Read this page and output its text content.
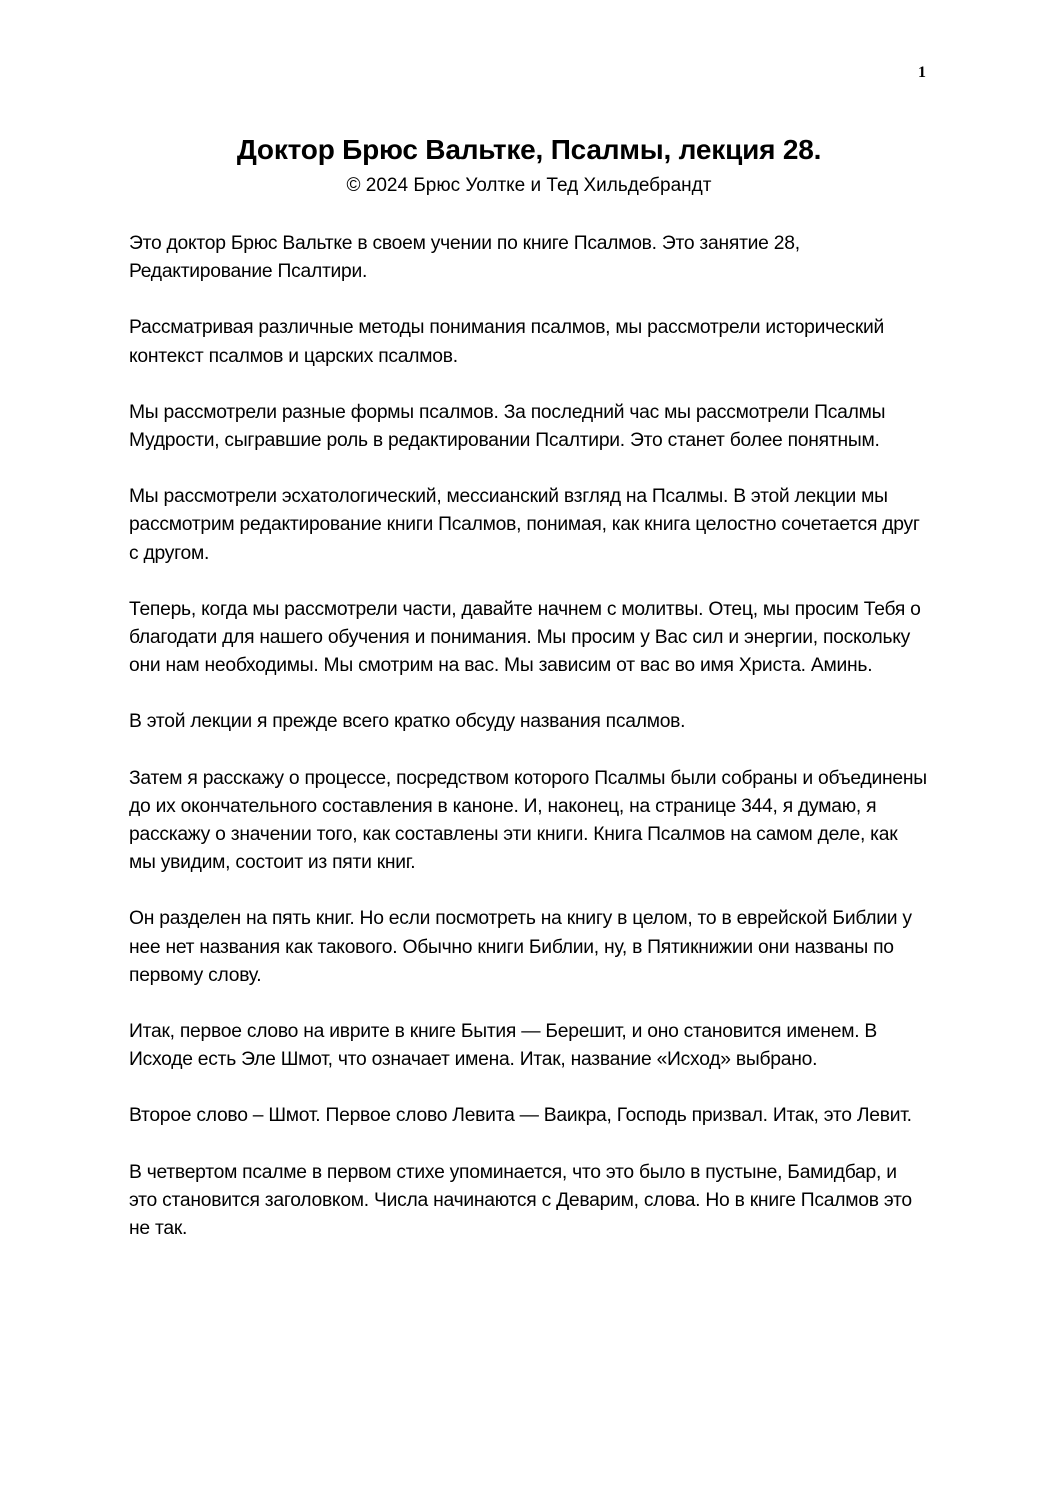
1
Доктор Брюс Вальтке, Псалмы, лекция 28.
© 2024 Брюс Уолтке и Тед Хильдебрандт

Это доктор Брюс Вальтке в своем учении по книге Псалмов. Это занятие 28, Редактирование Псалтири.

Рассматривая различные методы понимания псалмов, мы рассмотрели исторический контекст псалмов и царских псалмов.

Мы рассмотрели разные формы псалмов. За последний час мы рассмотрели Псалмы Мудрости, сыгравшие роль в редактировании Псалтири. Это станет более понятным.

Мы рассмотрели эсхатологический, мессианский взгляд на Псалмы. В этой лекции мы рассмотрим редактирование книги Псалмов, понимая, как книга целостно сочетается друг с другом.

Теперь, когда мы рассмотрели части, давайте начнем с молитвы. Отец, мы просим Тебя о благодати для нашего обучения и понимания. Мы просим у Вас сил и энергии, поскольку они нам необходимы. Мы смотрим на вас. Мы зависим от вас во имя Христа. Аминь.

В этой лекции я прежде всего кратко обсуду названия псалмов.

Затем я расскажу о процессе, посредством которого Псалмы были собраны и объединены до их окончательного составления в каноне. И, наконец, на странице 344, я думаю, я расскажу о значении того, как составлены эти книги. Книга Псалмов на самом деле, как мы увидим, состоит из пяти книг.

Он разделен на пять книг. Но если посмотреть на книгу в целом, то в еврейской Библии у нее нет названия как такового. Обычно книги Библии, ну, в Пятикнижии они названы по первому слову.

Итак, первое слово на иврите в книге Бытия — Берешит, и оно становится именем. В Исходе есть Эле Шмот, что означает имена. Итак, название «Исход» выбрано.

Второе слово – Шмот. Первое слово Левита — Ваикра, Господь призвал. Итак, это Левит.

В четвертом псалме в первом стихе упоминается, что это было в пустыне, Бамидбар, и это становится заголовком. Числа начинаются с Деварим, слова. Но в книге Псалмов это не так.
